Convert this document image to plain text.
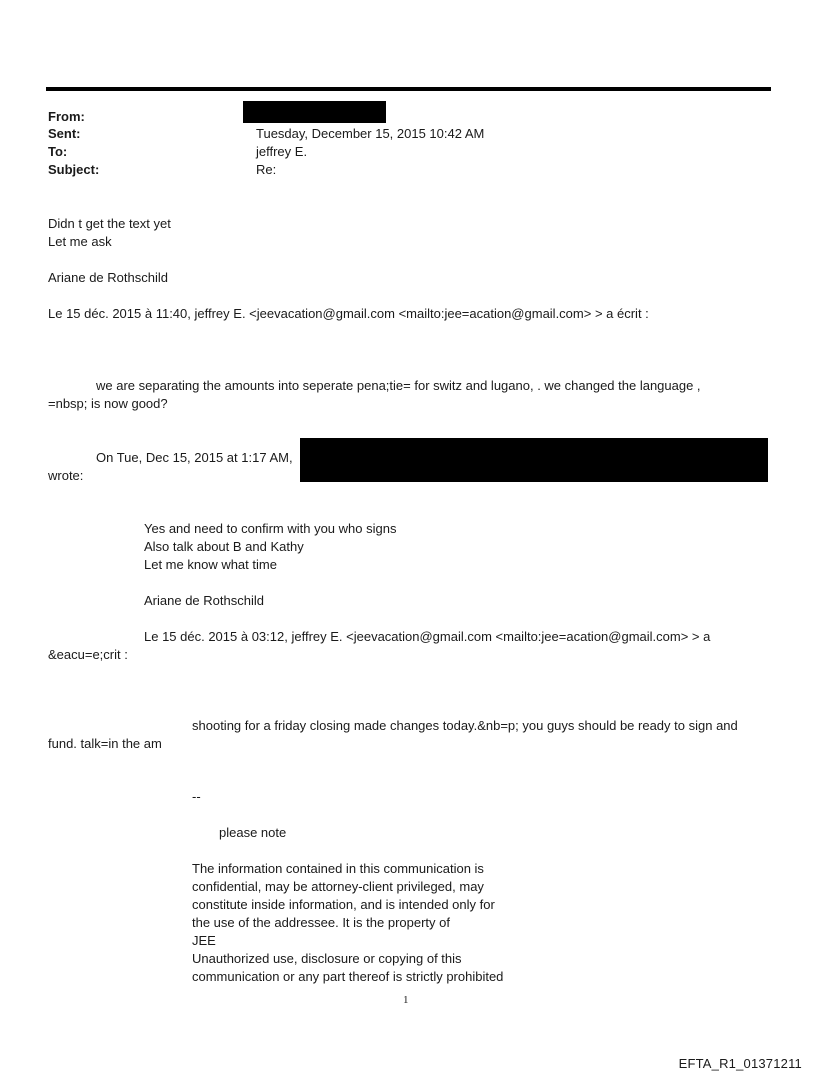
From:
Sent:
To:
Subject:
Tuesday, December 15, 2015 10:42 AM
jeffrey E.
Re:
Didn t get the text yet
Let me ask
Ariane de Rothschild
Le 15 déc. 2015 à 11:40, jeffrey E. <jeevacation@gmail.com <mailto:jee=acation@gmail.com> > a écrit :
we are separating the amounts into seperate pena;tie= for switz and lugano, . we changed the language ,
=nbsp; is now good?
On Tue, Dec 15, 2015 at 1:17 AM,
wrote:
Yes and need to confirm with you who signs
Also talk about B and Kathy
Let me know what time
Ariane de Rothschild
Le 15 déc. 2015 à 03:12, jeffrey E. <jeevacation@gmail.com <mailto:jee=acation@gmail.com> > a
&eacu=e;crit :
shooting for a friday closing made changes today.&nb=p; you guys should be ready to sign and
fund. talk=in the am
--
please note
The information contained in this communication is
confidential, may be attorney-client privileged, may
constitute inside information, and is intended only for
the use of the addressee. It is the property of
JEE
Unauthorized use, disclosure or copying of this
communication or any part thereof is strictly prohibited
1
EFTA_R1_01371211
